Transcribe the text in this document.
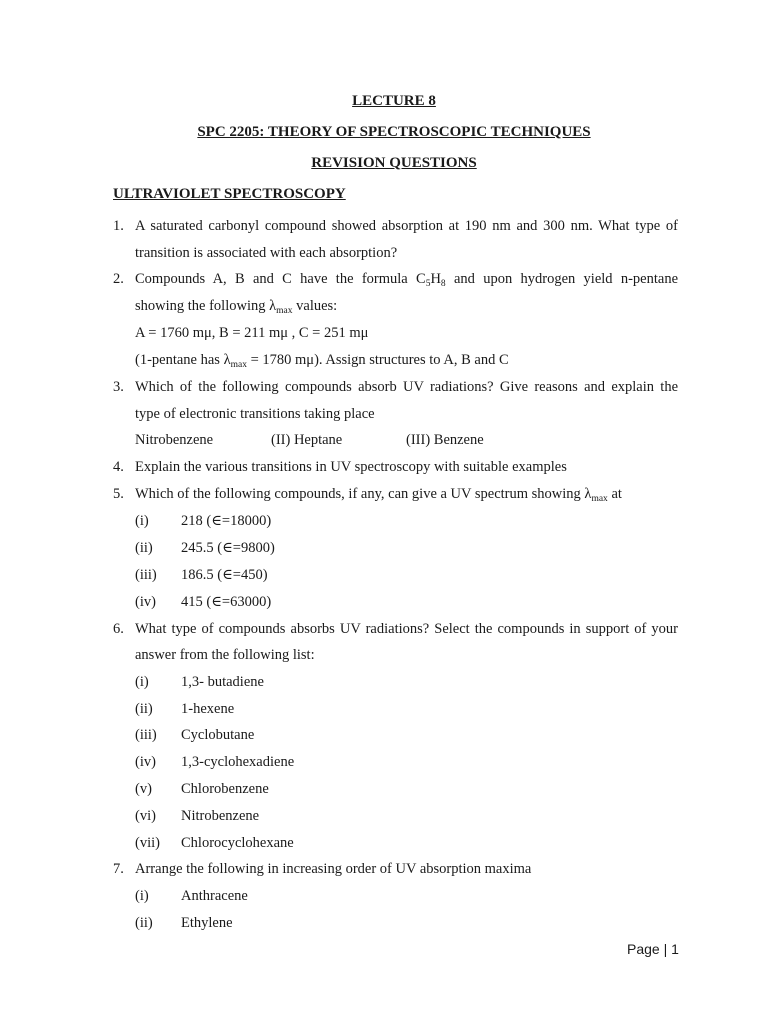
LECTURE 8
SPC 2205: THEORY OF SPECTROSCOPIC TECHNIQUES
REVISION QUESTIONS
ULTRAVIOLET SPECTROSCOPY
1. A saturated carbonyl compound showed absorption at 190 nm and 300 nm. What type of
transition is associated with each absorption?
2. Compounds A, B and C have the formula $C_5H_8$ and upon hydrogen yield n-pentane
showing the following $\lambda_{max}$ values:
A = 1760 mμ, B = 211 mμ , C = 251 mμ
(1-pentane has $\lambda_{max} = 1780$ mμ). Assign structures to A, B and C
3. Which of the following compounds absorb UV radiations? Give reasons and explain the
type of electronic transitions taking place
Nitrobenzene	(II) Heptane	(III) Benzene
4. Explain the various transitions in UV spectroscopy with suitable examples
5. Which of the following compounds, if any, can give a UV spectrum showing $\lambda_{max}$ at
(i) 218 (∈=18000)
(ii) 245.5 (∈=9800)
(iii) 186.5 (∈=450)
(iv) 415 (∈=63000)
6. What type of compounds absorbs UV radiations? Select the compounds in support of your
answer from the following list:
(i) 1,3- butadiene
(ii) 1-hexene
(iii) Cyclobutane
(iv) 1,3-cyclohexadiene
(v) Chlorobenzene
(vi) Nitrobenzene
(vii) Chlorocyclohexane
7. Arrange the following in increasing order of UV absorption maxima
(i) Anthracene
(ii) Ethylene
Page | 1
